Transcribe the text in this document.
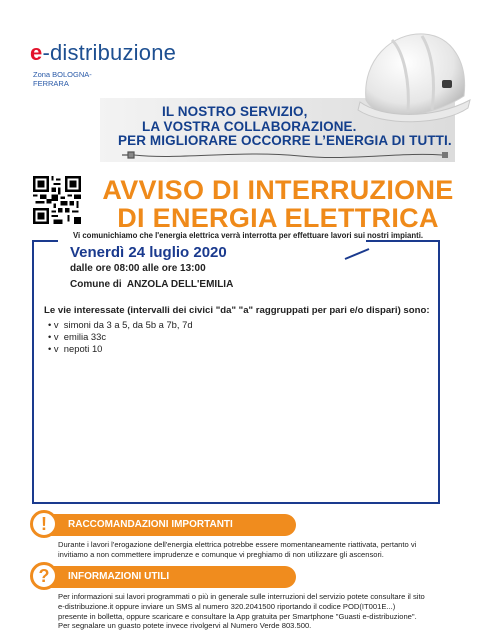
e-distribuzione
Zona BOLOGNA-
FERRARA
IL NOSTRO SERVIZIO,
LA VOSTRA COLLABORAZIONE.
PER MIGLIORARE OCCORRE L’ENERGIA DI TUTTI.
AVVISO DI INTERRUZIONE
DI ENERGIA ELETTRICA
Vi comunichiamo che l'energia elettrica verrà interrotta per effettuare lavori sui nostri impianti.
Venerdì 24 luglio 2020
dalle ore 08:00 alle ore 13:00
Comune di ANZOLA DELL'EMILIA
Le vie interessate (intervalli dei civici "da" "a" raggruppati per pari e/o dispari) sono:
• v simoni da 3 a 5, da 5b a 7b, 7d
• v emilia 33c
• v nepoti 10
RACCOMANDAZIONI IMPORTANTI
!
Durante i lavori l'erogazione dell'energia elettrica potrebbe essere momentaneamente riattivata, pertanto vi
invitiamo a non commettere imprudenze e comunque vi preghiamo di non utilizzare gli ascensori.
INFORMAZIONI UTILI
?
Per informazioni sui lavori programmati o più in generale sulle interruzioni del servizio potete consultare il sito
e-distribuzione.it oppure inviare un SMS al numero 320.2041500 riportando il codice POD(IT001E...)
presente in bolletta, oppure scaricare e consultare la App gratuita per Smartphone "Guasti e-distribuzione".
Per segnalare un guasto potete invece rivolgervi al Numero Verde 803.500.
